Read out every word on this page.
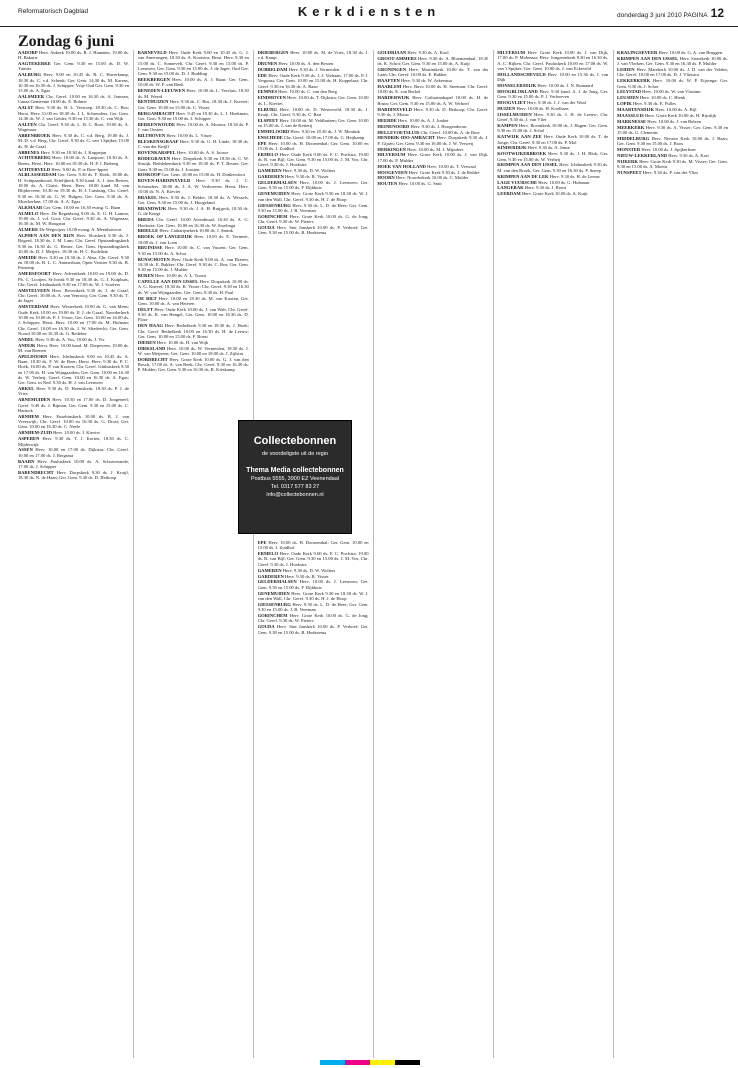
Reformatorisch Dagblad	Kerkdiensten	donderdag 3 juni 2010 PAGINA 12
Zondag 6 juni

AADORP Herv. Ankerk 10.00 ds. R. J. Hanenen, 19.00 ds. H. Bakuist

AAGTEKERKE Ger. Gem. 9.30 en 15.00 ds. D. W. Tuinier

AALBURG Herv. 9.00 en 10.45 ds. B. C. Haverkamp, 18.30 ds. C. v.d. Schenk; Ger. Gem. 14.30 ds. M. Karens, 10.30 en 16.30 ds. J. Schipper; Vrije Oud Ger. Gem. 9.30 en 15.00 ds. A. Egas

AALSMEER Chr. Geref. 10.00 en 16.30 ds. A. Janssen, Canaa Gemeente 10.00 ds. E. Rohner

AALST Herv. 9.30 ds. H. L. Verstoep, 18.30 ds. C. Bos; Herst. Herv. 11.00 en 18.30 ds. J. L. Schreuders; Ger. Gem. 14.30 ds. W. J. van Gelder, 9.30 en 15.30 ds. C. van Wijk

AALTEN Chr. Geref. 9.30 ds. L. B. C. Boot, 19.00 ds. A. Wagenaar

ABBENBROEK Herv. 9.30 ds. C. v.d. Berg, 19.00 ds. J. M. D. v.d. Berg, Chr. Geref. 9.30 ds. G. van 't Spijker, 15.00 ds. H. de Graaf

ABBENES Herv. 9.30 en 18.30 ds. J. Koppejan

ACHTERBERG Herv. 10.00 ds. A. Lanjouw, 18.30 ds. A. Beens, Herst. Herv. 10.00 en 18.30 ds. H. P. J. Rieberg

ACHTERVELD Herv. 9.00 ds. P. te Boer-Ippen

ALBLASSERDAM Ger. Gem. 9.30 ds. F. Hoek, 18.00 ds. H. Schipaanboord, Erfelijkerk 9.30 kand. A. J. den Besten, 18.00 ds. A. Christ, Herst. Herv. 18.00 kand. M. van Blijderveen; 10.30 en 19.30 ds. H. J. Catsburg, Chr. Geref. 9.30 en 16.30 ds. G. W. Bulgen, Ger. Gem. 9.30 ds. A. Moerkerken, 17.00 ds. A. A. Egas

ALKMAAR Ger. Gem. 10.00 en 16.30 evang. G. Baan

ALMELO Herv. De Regenboog 9.00 ds. E. G. H. Lamon, 19.00 ds. J. v.d. Goot; Chr. Geref. 9.30 ds. A. Wagenaar, 16.30 ds. M. W. Hoogstra

ALMERE De Wegwijzer 10.00 evang. A. Meenhuvoort

ALPHEN AAN DEN RIJN Herv. Slotskerk 9.30 ds. J. Bogerd, 18.30 ds. J. M. Lam; Chr. Geref. Opstandingskerk 9.30 en 16.30 ds. G. Bester; Ger. Gem. Opstandingskerk 10.00 ds. D. J. Meijers, 18.30 ds. H. C. Kodelink

AMEIDE Herv. 9.30 en 18.30 ds. J. Ahsa, Chr. Geref. 9.30 en 18.00 ds. B. L. C. Ammerlaan, Open Venster 9.30 ds. B. Prinsenp

AMERSFOORT Herv. Adventkerk 10.00 en 19.00 ds. D. Ph. C. Looijen, St-Jorisk 9.30 en 18.30 ds. G. J. Kuiphuis, Chr. Geref. Ichthuskerk 9.30 en 17.00 ds. W. J. Scotters

AMSTELVEEN Herv. Bovenkerk 9.30 ds. J. de Graaf, Chr. Geref. 10.00 ds. A. van Venrooij; Ger. Gem. 9.30 ds. T. de Jager

AMSTERDAM Herv. Westerkerk 10.00 ds. G. van Mens; Oude Kerk 10.00 en 19.00 ds. P. J. de Graaf, Noorderkerk 10.00 en 19.00 ds. P. J. Visser, Ger. Gem. 10.00 en 16.00 ds. J. Schipper; Herst. Herv. 10.00 en 17.00 ds. M. Hofman; Chr. Geref. 10.00 en 16.30 ds. J. W. Sliedrecht; Ger. Gem. Noord 10.00 en 16.30 ds. G. Redeker

ANDEL Herv. 9.30 ds. A. Vos, 18.00 ds. J. Vis

ANDIJK Herst. Herv. 10.00 kand. M. Diepeveen, 19.00 ds. M. van Reenen

APELDOORN Herv. Ichthuskerk 9.00 en 10.45 ds. A. Baan, 18.30 ds. F. W. de Boer; Herst. Herv. 9.30 ds. P. C. Hoek, 16.00 ds. P. van Kooten; Chr. Geref. Ichthuskerk 9.30 en 17.00 ds. H. van Wijngaarden; Ger. Gem. 10.00 en 16.30 ds. W. Verheij; Geref. Gem. 10.00 en 16.30 ds. A. Egas; Ger. Gem. in Ned. 9.30 ds. H. J. van Leeuwen

ARKEL Herv. 9.30 ds. D. Heemskerk, 18.30 ds. P. J. de Vries

ARNEMUIDEN Herv. 10.30 en 17.00 ds. D. Jongeneel; Geref. 9.40 ds. J. Bijman; Ger. Gem. 9.30 en 15.00 ds. C. Harinck

ARNHEM Herv. Eusebiuskerk 10.00 ds. B. J. van Vreeswijk; Chr. Geref. 10.00 en 16.30 ds. G. Drost; Ger. Gem. 10.00 en 16.30 ds. C. Neele

ARNHEM-ZUID Herv. 10.00 ds. J. Kieviet

ASPEREN Herv. 9.30 ds. T. J. Korten, 18.30 ds. C. Mijderwijk

ASSEN Herv. 10.00 en 17.00 ds. Dijkstra; Chr. Geref. 10.00 en 17.00 ds. J. Bergsma

BAARN Herv. Pauluskerk 10.00 ds. A. Schravesande, 17.00 ds. J. Schipper

BARENDRECHT Herv. Dorpskerk 9.30 ds. J. Kruijf, 18.30 ds. N. de Haan; Ger. Gem. 9.30 ds. D. Heikoop

BARNEVELD Herv. Oude Kerk 9.00 en 10.45 ds. G. J. van Amerongen, 18.30 ds. A. Kooistra; Herst. Herv. 9.30 en 15.00 ds. C. Sonnevelt, Chr. Geref. 9.30 en 15.00 ds. P. Leeuwen, Ger. Gem. 9.30 en 15.00 ds. J. de Jager, Oud Ger. Gem. 9.30 en 15.00 ds. D. J. Budding

BEEKBERGEN Herv. 10.00 ds. A. J. Baan; Ger. Gem. 10.00 ds. W. F. van Beek

BENEDEN-LEEUWEN Herv. 10.00 ds. L. Versluis, 18.30 ds. M. Weerd

BENTHUIZEN Herv. 9.30 ds. C. Bos, 18.30 ds. J. Kieviet; Ger. Gem. 10.00 en 15.00 ds. C. Visser

BERGAMBACHT Herv. 9.45 en 18.30 ds. L. J. Hoekman, Ger. Gem. 9.30 en 15.00 ds. J. Schipper

BERKENWOUDE Herv. 10.00 ds. A. Mouwa, 18.30 ds. P. J. van Oosten

BILTHOVEN Herv. 10.00 ds. L. Visser

BLESKENSGRAAF Herv. 9.30 ds. G. H. Linde, 18.30 ds. C. van der Knijff

BOVENKARSPEL Herv. 10.00 ds. A. S. Joosse

BODEGRAVEN Herv. Dorpskerk 9.30 en 18.30 ds. C. W. Struijk, Bethlehemkerk 9.30 en 18.30 ds. P. T. Reuter, Ger. Gem. 9.30 en 15.00 ds. J. Joosten

BOSKOOP Ger. Gem. 10.00 en 15.00 ds. H. Donkersloot

BOVEN-HARDINXVELD Herv. 9.30 ds. J. C. Schreuders, 18.00 ds. J. A. W. Verhoeven; Herst. Herv. 10.00 ds. N. A. Kieviet

BRAKEL Herv. 9.30 ds. J. Belder, 18.30 ds. A. Wessels, Ger. Gem. 9.30 en 15.00 ds. J. Hoogeland

BRANDWIJK Herv. 9.30 ds. J. A. H. Ruijgrok, 18.30 ds. G. de Knegt

BREDA Chr. Geref. 10.00 Avondmaal, 16.30 ds. A. G. Hoekstra; Ger. Gem. 10.00 en 16.30 ds. W. Stoelinga

BRIELLE Herv. Catharijnekerk 10.00 ds. J. Smink

BROEK OP LANGEDIJK Herv. 10.00 ds. E. Vermeer, 18.00 ds. J. van Loon

BRUINISSE Herv. 10.00 ds. C. van Vuuren, Ger. Gem. 9.30 en 15.00 ds. A. Schot

BUNSCHOTEN Herv. Oude Kerk 9.00 ds. A. van Ekeren, 18.30 ds. E. Bakker; Chr. Geref. 9.30 ds. C. Bos; Ger. Gem. 9.30 en 15.00 ds. J. Mulder

BUREN Herv. 10.00 ds. A. L. Troost

CAPELLE AAN DEN IJSSEL Herv. Dorpskerk 10.00 ds. A. G. Knevel, 18.30 ds. K. Visser; Chr. Geref. 9.30 en 16.30 ds. W. van Wijngaarden, Ger. Gem. 9.30 ds. H. Paul

DE BILT Herv. 10.00 en 18.30 ds. M. van Kooten, Ger. Gem. 10.00 ds. A. van Heteren

DELFT Herv. Oude Kerk 10.00 ds. J. van Walt, Chr. Geref. 9.30 ds. K. van Hengel, Ger. Gem. 10.00 en 16.30 ds. D. Floor

DEN HAAG Herv. Bethelkerk 9.30 en 18.30 ds. J. Hoek; Chr. Geref. Bethelkerk 10.00 en 16.30 ds. H. de Leeuw; Ger. Gem. 10.00 en 15.00 ds. F. Roest

DIEREN Herv. 10.00 ds. H. van Wijk

DIRKSLAND Herv. 10.00 ds. W. Vermeulen, 18.30 ds. J. W. van Meijeren; Ger. Gem. 10.00 en 18.00 ds. J. Zijlstra

DORDRECHT Herv. Grote Kerk 10.00 ds. G. J. van den Bosch, 17.00 ds. A. van Beek; Chr. Geref. 9.30 en 16.30 ds. P. Mulder; Ger. Gem. 9.30 en 16.30 ds. R. Kieskamp

DRIEBERGEN Herv. 10.00 ds. M. de Vries, 18.30 ds. J. v.d. Kamp

DRUNEN Herv. 10.00 ds. A. den Besten

DUBBELDAM Herv. 9.30 ds. J. Vermeulen

EDE Herv. Oude Kerk 9.30 ds. J. J. Verbaan, 17.00 ds. P. J. Vergunst; Ger. Gem. 10.00 en 15.00 ds. H. Koppelaar; Chr. Geref. 9.30 en 16.30 ds. A. Baan

EEMNES Herv. 10.00 ds. C. van den Berg

EINDHOVEN Herv. 10.00 ds. T. Dijkstra; Ger. Gem. 10.00 ds. L. Kieviet

ELBURG Herv. 10.00 ds. D. Westerveld, 18.30 ds. J. Kruijt, Chr. Geref. 9.30 ds. C. Bart

ELSPEET Herv. 10.00 ds. M. Veldhuizen; Ger. Gem. 10.00 en 15.00 ds. J. van de Ketterij

EMMELOORD Herv. 9.30 en 18.30 ds. J. W. Mentink

ENSCHEDE Chr. Geref. 10.00 en 17.00 ds. G. Heijkamp

EPE Herv. 10.00 ds. H. Doornenbal; Ger. Gem. 10.00 en 15.00 ds. J. Zuidhof

ERMELO Herv. Oude Kerk 9.00 ds. F. C. Poelstra, 19.00 ds. R. van Bijl; Ger. Gem. 9.30 en 15.00 ds. J. M. Vos; Chr. Geref. 9.30 ds. J. Hoekstra

GAMEREN Herv. 9.30 ds. D. W. Wolters

GARDEREN Herv. 9.30 ds. R. Visser

GELDERMALSEN Herv. 10.00 ds. J. Leeuwen; Ger. Gem. 9.30 en 15.00 ds. F. Dijkhuis

GENEMUIDEN Herv. Grote Kerk 9.30 en 18.30 ds. W. J. van den Wall, Chr. Geref. 9.30 ds. H. J. de Hoop

GIESSENBURG Herv. 9.30 ds. L. D. de Heer; Ger. Gem. 9.30 en 15.00 ds. J. B. Veerman

GORINCHEM Herv. Grote Kerk 10.00 ds. G. de Jong; Chr. Geref. 9.30 ds. W. Pieters

GOUDA Herv. Sint Janskerk 10.00 ds. P. Verhoef; Ger. Gem. 9.30 en 15.00 ds. R. Hoeksema

GOUDRIAAN Herv. 9.30 ds. A. Kool

GROOT-AMMERS Herv. 9.30 ds. A. Bloemendaal, 18.30 ds. K. Schot; Ger. Gem. 9.30 en 15.00 ds. A. Kuijt

GRONINGEN Herv. Martinikerk 10.00 ds. T. van der Laan; Chr. Geref. 10.00 ds. E. Bakker

HAAFTEN Herv. 9.30 ds. W. Arkersma

HAARLEM Herv. Bavo 10.00 ds. H. Steeman; Chr. Geref. 10.00 ds. E. van Berkel

HARDERWIJK Herv. Catharinakapel 10.00 ds. H. de Bruin; Ger. Gem. 9.30 en 15.00 ds. A. W. Verhoef

HARDINXVELD Herv. 9.30 ds. D. Heikoop; Chr. Geref. 9.30 ds. J. Mouw

HEERDE Herv. 10.00 ds. A. J. Jonker

HEINENOORD Herv. 9.30 ds. J. Hoogendoorn

HELLEVOETSLUIS Chr. Geref. 10.00 ds. A. de Boer

HENDRIK-IDO-AMBACHT Herv. Dorpskerk 9.30 ds. J. P. Gijsen; Ger. Gem. 9.30 en 16.00 ds. J. W. Verweij

HERKINGEN Herv. 10.00 ds. M. J. Mijnders

HILVERSUM Herv. Grote Kerk 10.00 ds. J. van Dijk, 17.00 ds. P. Mulder

HOEK VAN HOLLAND Herv. 10.00 ds. T. Verwaal

HOOGEVEEN Herv. Grote Kerk 9.30 ds. J. de Ridder

HOORN Herv. Noorderkerk 10.00 ds. C. Mulder

HOUTEN Herv. 10.00 ds. G. Smit

HILVERSUM Herv. Grote Kerk 10.00 ds. J. van Dijk, 17.00 ds. P. Molenaar; Herv. Jongerenkerk 9.30 en 16.30 ds. A. C. Rijken, Chr. Geref. Pauluskerk 10.00 en 17.00 ds. W. van 't Spijker; Ger. Gem. 10.00 ds. J. van Eckeveld

HOLLANDSCHEVELD Herv. 10.00 en 15.30 ds. J. van Dijk

HONSELERSDIJK Herv. 10.00 ds. J. N. Ruinaard

HOOGBLOKLAND Herv. 9.30 kand. A. J. de Jong, Ger. Gem. 9.30 en 15.00 ds. P. J. Verhoeven

HOOGVLIET Herv. 9.30 ds. J. J. van der Waal

HUIZEN Herv. 10.00 ds. H. Koolhaas

IJSSELMUIDEN Herv. 9.30 ds. J. H. de Leeuw; Chr. Geref. 9.30 ds. J. van Vliet

KAMPEN Herv. Bovenkerk 10.00 ds. J. Hagen; Ger. Gem. 9.30 en 15.00 ds. J. Schol

KATWIJK AAN ZEE Herv. Oude Kerk 10.00 ds. T. de Jonge; Chr. Geref. 9.30 en 17.00 ds. P. Mol

KINDERDIJK Herv. 9.30 ds. A. Janse

KOOTWIJKERBROEK Herv. 9.30 ds. J. H. Blok; Ger. Gem. 9.30 en 15.00 ds. W. Verheij

KRIMPEN AAN DEN IJSSEL Herv. Ichthuskerk 9.30 ds. M. van den Broek, Ger. Gem. 9.30 en 16.30 ds. P. Sneep

KRIMPEN AAN DE LEK Herv. 9.30 ds. H. de Leeuw

LAGE VUURSCHE Herv. 10.00 ds. G. Hulsman

LANGERAK Herv. 9.30 ds. J. Roest

LEERDAM Herv. Grote Kerk 10.00 ds. A. Kuijt

KRALINGSEVEER Herv. 10.00 ds. G. A. van Bruggen

KRIMPEN AAN DEN IJSSEL Herv. Sionskerk 10.00 ds. J. van Vlerken, Ger. Gem. 9.30 en 16.30 ds. P. Mulder

LEIDEN Herv. Marekerk 10.00 ds. J. D. van der Velden, Chr. Geref. 10.00 en 17.00 ds. D. J. Vlietstra

LEKKERKERK Herv. 10.00 ds. W. P. Eijsenga; Ger. Gem. 9.30 ds. J. Schot

LELYSTAD Herv. 10.00 ds. W. van Vlastuin

LEUSDEN Herv. 10.00 ds. C. Blenk

LOPIK Herv. 9.30 ds. E. Pulles

MAARTENSDIJK Herv. 10.00 ds. A. Bijl

MAASSLUIS Herv. Grote Kerk 10.00 ds. H. Rijsdijk

MARKNESSE Herv. 10.00 ds. J. van Belzen

MEERKERK Herv. 9.30 ds. A. Visser; Ger. Gem. 9.30 en 15.00 ds. G. Clements

MIDDELBURG Herv. Nieuwe Kerk 10.00 ds. J. Baan; Ger. Gem. 9.30 en 15.00 ds. J. Roos

MONSTER Herv. 10.00 ds. J. Spijkerboer

NIEUW-LEKKERLAND Herv. 9.30 ds. A. Kort

NIJKERK Herv. Grote Kerk 9.30 ds. M. Visser; Ger. Gem. 9.30 en 15.00 ds. A. Moens

NUNSPEET Herv. 9.30 ds. P. van der Vlies

EPE Herv. 10.00 ds. H. Doornenbal; Ger. Gem. 10.00 en 15.00 ds. J. Zuidhof

ERMELO Herv. Oude Kerk 9.00 ds. F. C. Poelstra, 19.00 ds. R. van Bijl; Ger. Gem. 9.30 en 15.00 ds. J. M. Vos; Chr. Geref. 9.30 ds. J. Hoekstra

GAMEREN Herv. 9.30 ds. D. W. Wolters

GARDEREN Herv. 9.30 ds. R. Visser

GELDERMALSEN Herv. 10.00 ds. J. Leeuwen; Ger. Gem. 9.30 en 15.00 ds. F. Dijkhuis

GENEMUIDEN Herv. Grote Kerk 9.30 en 18.30 ds. W. J. van den Wall, Chr. Geref. 9.30 ds. H. J. de Hoop

GIESSENBURG Herv. 9.30 ds. L. D. de Heer; Ger. Gem. 9.30 en 15.00 ds. J. B. Veerman

GORINCHEM Herv. Grote Kerk 10.00 ds. G. de Jong; Chr. Geref. 9.30 ds. W. Pieters

GOUDA Herv. Sint Janskerk 10.00 ds. P. Verhoef; Ger. Gem. 9.30 en 15.00 ds. R. Hoeksema

Collectebonnen
de voordeligste uit de regio
Thema Media collectebonnen
Postbus 5555, 3900 EZ Veenendaal
Tel. 0317 577 83 27
info@collectebonnen.nl
